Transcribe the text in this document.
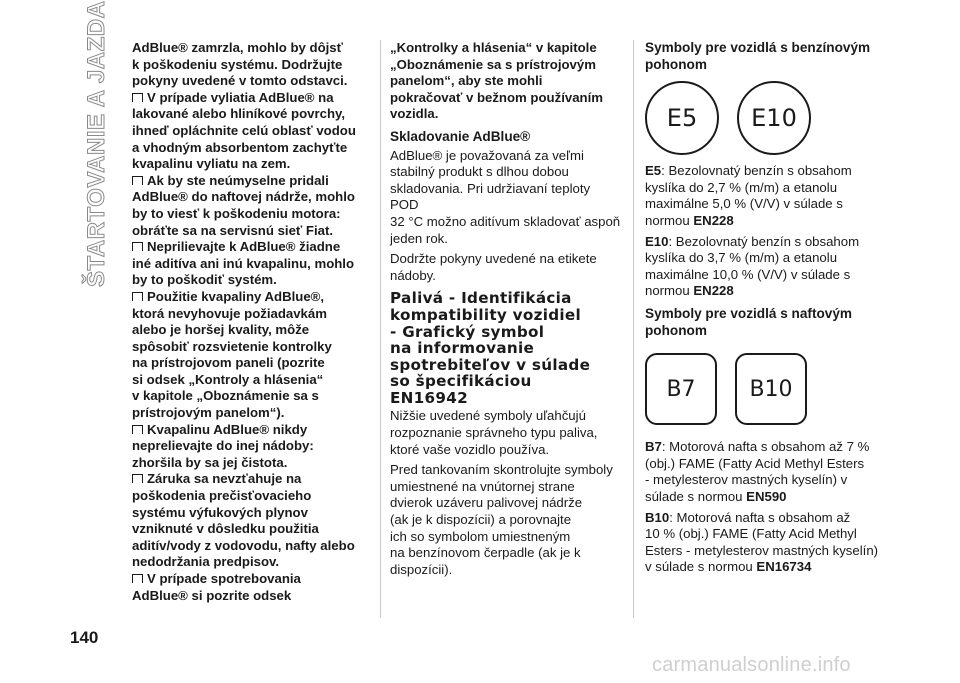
ŠTARTOVANIE A JAZDA AdBlue® zamrzla, mohlo by dôjsť

k poškodeniu systému. Dodržujte

pokyny uvedené v tomto odstavci.

V prípade vyliatia AdBlue® na

lakované alebo hliníkové povrchy,

ihneď opláchnite celú oblasť vodou

a vhodným absorbentom zachyťte

kvapalinu vyliatu na zem.

Ak by ste neúmyselne pridali

AdBlue® do naftovej nádrže, mohlo

by to viesť k poškodeniu motora:

obráťte sa na servisnú sieť Fiat.

Neprilievajte k AdBlue® žiadne

iné aditíva ani inú kvapalinu, mohlo

by to poškodiť systém.

Použitie kvapaliny AdBlue®,

ktorá nevyhovuje požiadavkám

alebo je horšej kvality, môže

spôsobiť rozsvietenie kontrolky

na prístrojovom paneli (pozrite

si odsek „Kontroly a hlásenia“

v kapitole „Oboznámenie sa s

prístrojovým panelom“).

Kvapalinu AdBlue® nikdy

neprelievajte do inej nádoby:

zhoršila by sa jej čistota.

Záruka sa nevzťahuje na

poškodenia prečisťovacieho

systému výfukových plynov

vzniknuté v dôsledku použitia

aditív/vody z vodovodu, nafty alebo

nedodržania predpisov.

V prípade spotrebovania

AdBlue® si pozrite odsek

„Kontrolky a hlásenia“ v kapitole

„Oboznámenie sa s prístrojovým

panelom“, aby ste mohli

pokračovať v bežnom používaním

vozidla.

Skladovanie AdBlue®
AdBlue® je považovaná za veľmi
stabilný produkt s dlhou dobou
skladovania. Pri udržiavaní teploty POD
32 °C možno aditívum skladovať aspoň
jeden rok.
Dodržte pokyny uvedené na etikete
nádoby.
Palivá - Identifikácia
kompatibility vozidiel
- Grafický symbol
na informovanie
spotrebiteľov v súlade
so špecifikáciou
EN16942
Nižšie uvedené symboly uľahčujú
rozpoznanie správneho typu paliva,
ktoré vaše vozidlo používa.
Pred tankovaním skontrolujte symboly
umiestnené na vnútornej strane
dvierok uzáveru palivovej nádrže
(ak je k dispozícii) a porovnajte
ich so symbolom umiestneným
na benzínovom čerpadle (ak je k
dispozícii).
Symboly pre vozidlá s benzínovým
pohonom
E5	E10
E5: Bezolovnatý benzín s obsahom
kyslíka do 2,7 % (m/m) a etanolu
maximálne 5,0 % (V/V) v súlade s
normou EN228
E10: Bezolovnatý benzín s obsahom
kyslíka do 3,7 % (m/m) a etanolu
maximálne 10,0 % (V/V) v súlade s
normou EN228
Symboly pre vozidlá s naftovým
pohonom
B7	B10
B7: Motorová nafta s obsahom až 7 %
(obj.) FAME (Fatty Acid Methyl Esters
- metylesterov mastných kyselín) v
súlade s normou EN590
B10: Motorová nafta s obsahom až
10 % (obj.) FAME (Fatty Acid Methyl
Esters - metylesterov mastných kyselín)
v súlade s normou EN16734
140
carmanualsonline.info
